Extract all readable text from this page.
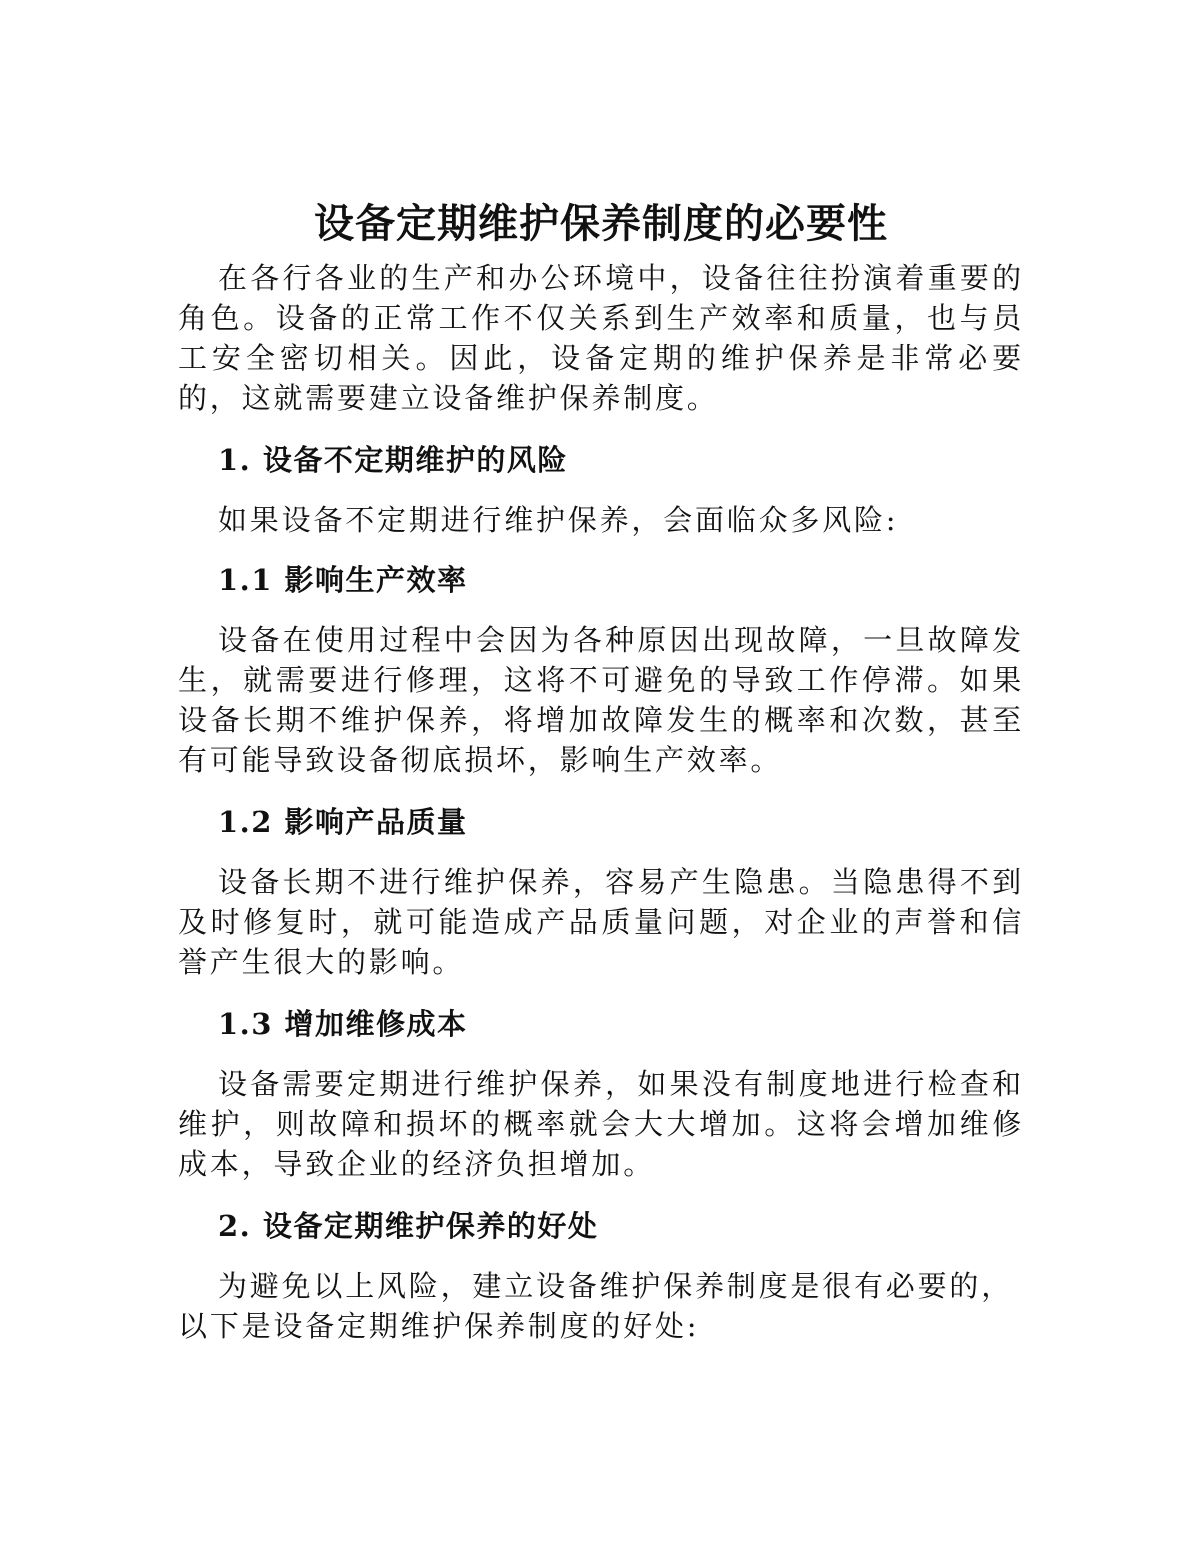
设备定期维护保养制度的必要性

在各行各业的生产和办公环境中，设备往往扮演着重要的角色。设备的正常工作不仅关系到生产效率和质量，也与员工安全密切相关。因此，设备定期的维护保养是非常必要的，这就需要建立设备维护保养制度。

1. 设备不定期维护的风险

如果设备不定期进行维护保养，会面临众多风险:

1.1 影响生产效率

设备在使用过程中会因为各种原因出现故障，一旦故障发生，就需要进行修理，这将不可避免的导致工作停滞。如果设备长期不维护保养，将增加故障发生的概率和次数，甚至有可能导致设备彻底损坏，影响生产效率。

1.2 影响产品质量

设备长期不进行维护保养，容易产生隐患。当隐患得不到及时修复时，就可能造成产品质量问题，对企业的声誉和信誉产生很大的影响。

1.3 增加维修成本

设备需要定期进行维护保养，如果没有制度地进行检查和维护，则故障和损坏的概率就会大大增加。这将会增加维修成本，导致企业的经济负担增加。

2. 设备定期维护保养的好处

为避免以上风险，建立设备维护保养制度是很有必要的，

以下是设备定期维护保养制度的好处:
